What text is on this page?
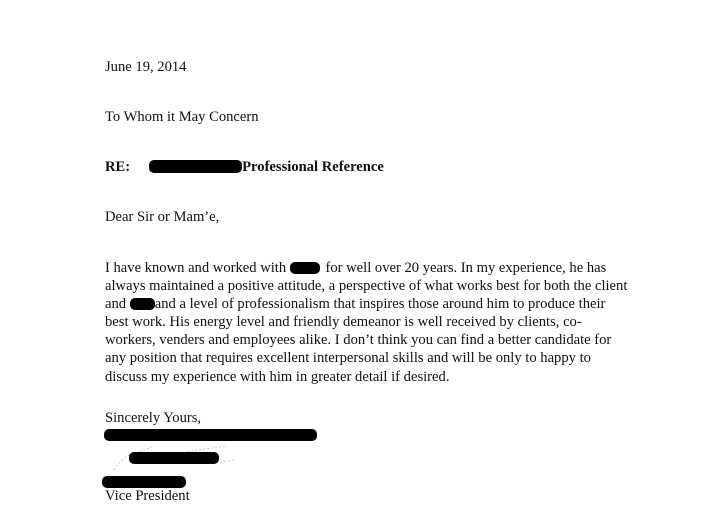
June 19, 2014
To Whom it May Concern
RE:	Professional Reference
Dear Sir or Mam’e,
I have known and worked with  for well over 20 years. In my experience, he has
always maintained a positive attitude, a perspective of what works best for both the client
and and a level of professionalism that inspires those around him to produce their
best work. His energy level and friendly demeanor is well received by clients, co-
workers, venders and employees alike. I don’t think you can find a better candidate for
any position that requires excellent interpersonal skills and will be only to happy to
discuss my experience with him in greater detail if desired.
Sincerely Yours,
Vice President
